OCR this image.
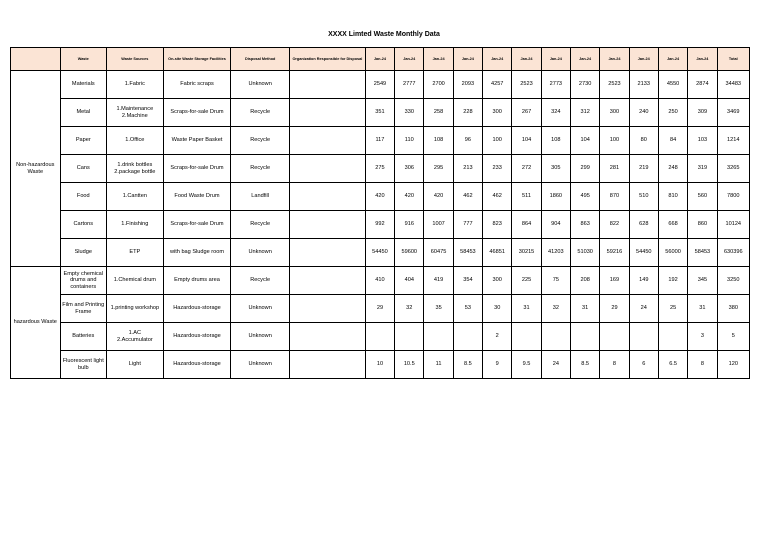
XXXX Limted Waste Monthly Data
	Waste	Waste Sources	On-site Waste Storage Facilities	Disposal Method	Organization Responsible for Disposal	Jan-24	Jan-24	Jan-24	Jan-24	Jan-24	Jan-24	Jan-24	Jan-24	Jan-24	Jan-24	Jan-24	Jan-24	Total
Non-hazardous Waste	Materials	1.Fabric	Fabric scraps	Unknown		2549	2777	2700	2093	4257	2523	2773	2730	2523	2133	4550	2874	34483
	Metal	1.Maintenance
2.Machine	Scraps-for-sale Drum	Recycle		351	330	258	228	300	267	324	312	300	240	250	309	3469
	Paper	1.Office	Waste Paper Basket	Recycle		117	110	108	96	100	104	108	104	100	80	84	103	1214
	Cans	1.drink bottles
2.package bottle	Scraps-for-sale Drum	Recycle		275	306	295	213	233	272	305	299	281	219	248	319	3265
	Food	1.Cantten	Food Waste Drum	Landfill		420	420	420	462	462	511	1860	495	870	510	810	560	7800
	Cartons	1.Finishing	Scraps-for-sale Drum	Recycle		992	916	1007	777	823	864	904	863	822	628	668	860	10124
	Sludge	ETP	with bag Sludge room	Unknown		54450	59600	60475	58453	46851	30215	41203	51030	59216	54450	56000	58453	630396
hazardous Waste	Empty chemical drums and containers	1.Chemical drum	Empty drums area	Recycle		410	404	419	354	300	225	75	208	169	149	192	345	3250
	Film and Printing Frame	1.printing workshop	Hazardous-storage	Unknown		29	32	35	53	30	31	32	31	29	24	25	31	380
	Batteries	1.AC
2.Accumulator	Hazardous-storage	Unknown						2							3	5
	Fluorescent light bulb	Light	Hazardous-storage	Unknown		10	10.5	11	8.5	9	9.5	24	8.5	8	6	6.5	8	120
